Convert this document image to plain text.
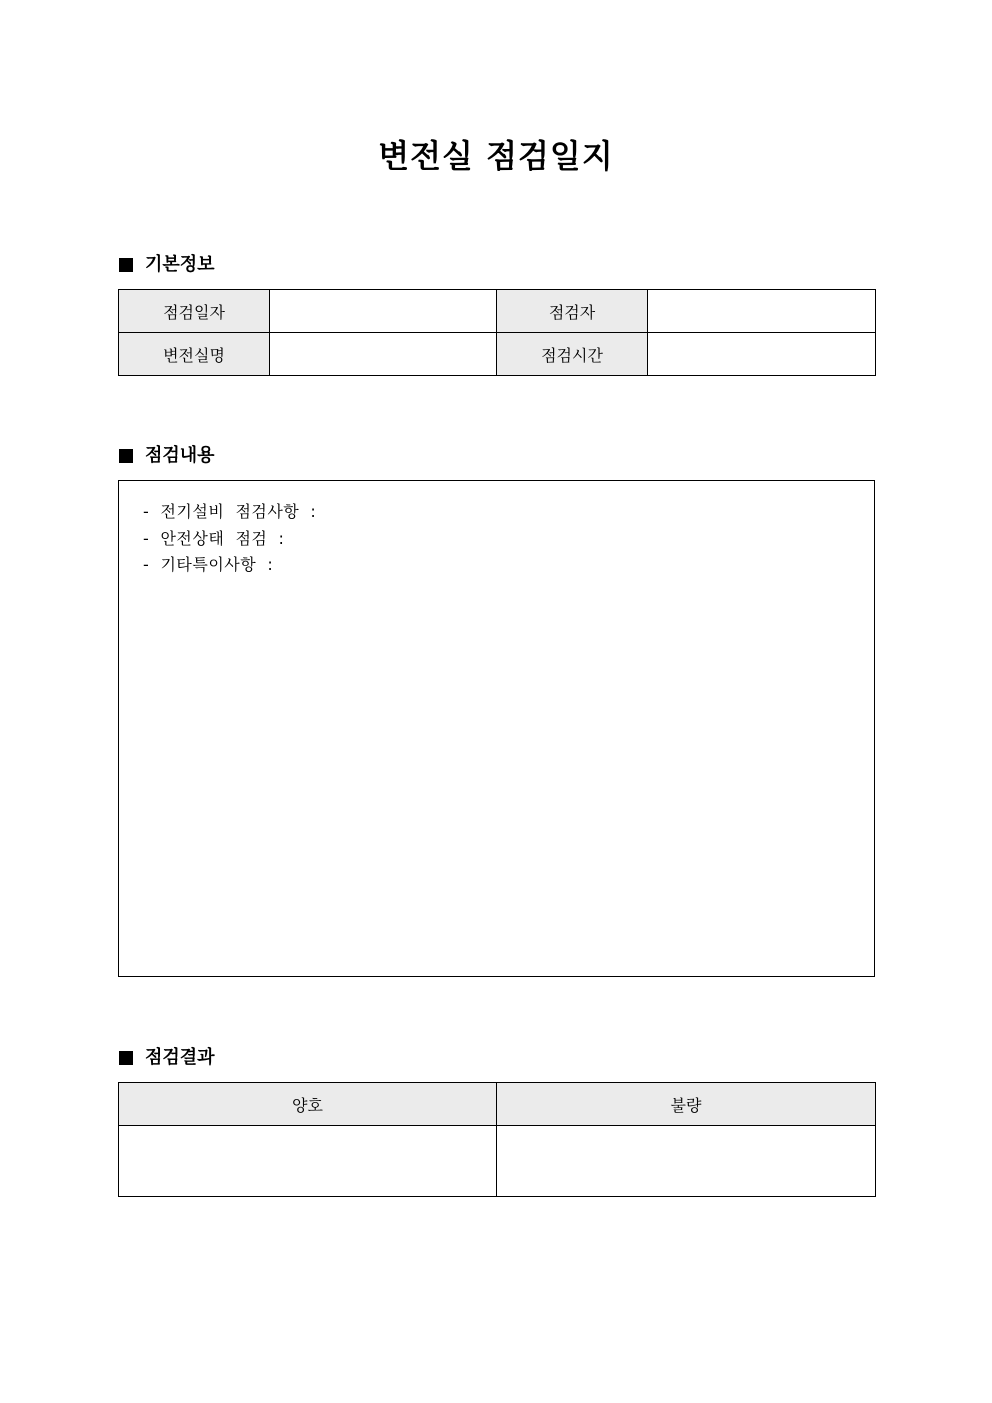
변전실 점검일지
기본정보
점검일자		점검자	
변전실명		점검시간	
점검내용
-  전기설비  점검사항  :
-  안전상태  점검  :
-  기타특이사항  :
점검결과
양호	불량
